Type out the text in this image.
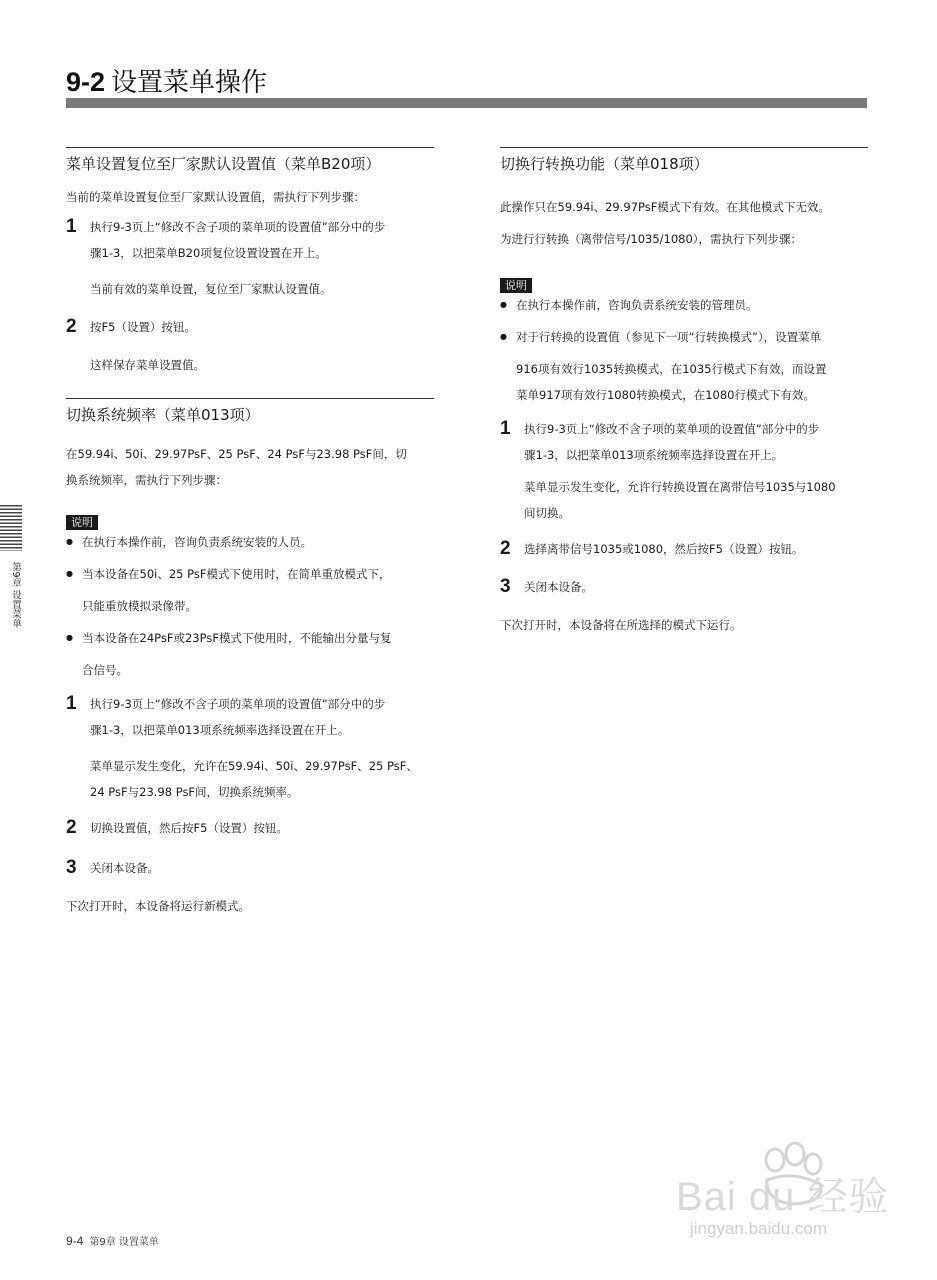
9-2 设置菜单操作
菜单设置复位至厂家默认设置值（菜单B20项）

当前的菜单设置复位至厂家默认设置值，需执行下列步骤：

1 执行9-3页上“修改不含子项的菜单项的设置值”部分中的步

骤1-3，以把菜单B20项复位设置设置在开上。

当前有效的菜单设置，复位至厂家默认设置值。

2 按F5（设置）按钮。

这样保存菜单设置值。

切换系统频率（菜单013项）

在59.94i、50i、29.97PsF、25 PsF、24 PsF与23.98 PsF间，切

换系统频率，需执行下列步骤：

说明

● 在执行本操作前，咨询负责系统安装的人员。

● 当本设备在50i、25 PsF模式下使用时，在简单重放模式下，

只能重放模拟录像带。

● 当本设备在24PsF或23PsF模式下使用时，不能输出分量与复

合信号。

1 执行9-3页上“修改不含子项的菜单项的设置值”部分中的步

骤1-3，以把菜单013项系统频率选择设置在开上。

菜单显示发生变化，允许在59.94i、50i、29.97PsF、25 PsF、

24 PsF与23.98 PsF间，切换系统频率。

2 切换设置值，然后按F5（设置）按钮。

3 关闭本设备。

下次打开时，本设备将运行新模式。

切换行转换功能（菜单018项）

此操作只在59.94i、29.97PsF模式下有效。在其他模式下无效。

为进行行转换（离带信号/1035/1080），需执行下列步骤：

说明

● 在执行本操作前，咨询负责系统安装的管理员。

● 对于行转换的设置值（参见下一项“行转换模式”），设置菜单

916项有效行1035转换模式，在1035行模式下有效，而设置

菜单917项有效行1080转换模式，在1080行模式下有效。

1 执行9-3页上“修改不含子项的菜单项的设置值”部分中的步

骤1-3，以把菜单013项系统频率选择设置在开上。

菜单显示发生变化，允许行转换设置在离带信号1035与1080

间切换。

2 选择离带信号1035或1080，然后按F5（设置）按钮。

3 关闭本设备。

下次打开时，本设备将在所选择的模式下运行。

第9章 设置菜单
9-4 第9章 设置菜单
Bai du 经验
jingyan.baidu.com
